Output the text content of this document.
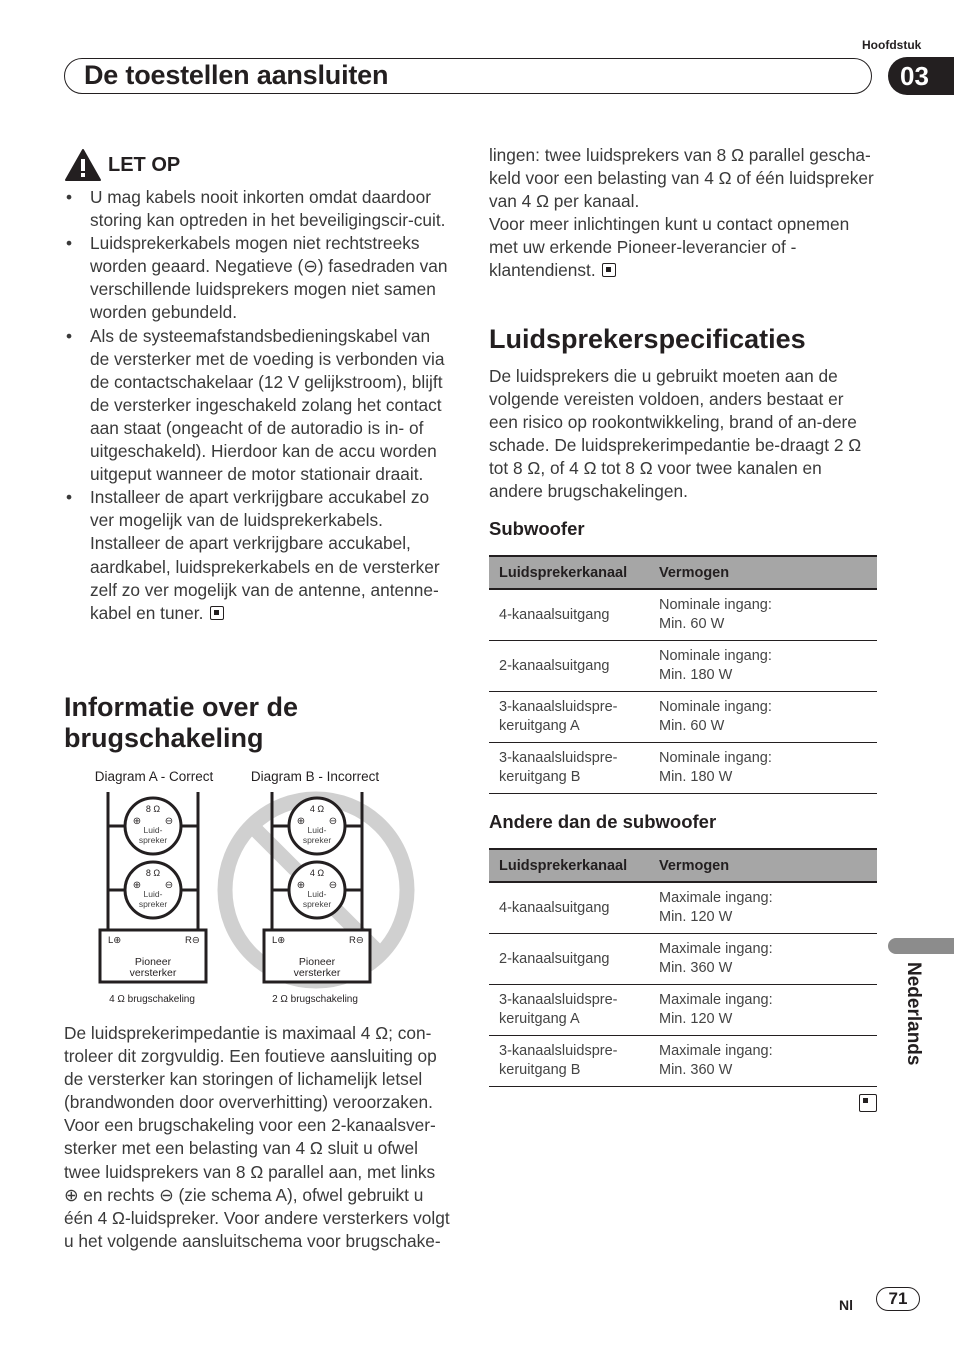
Hoofdstuk
De toestellen aansluiten	03
Nederlands
LET OP
• U mag kabels nooit inkorten omdat daardoor storing kan optreden in het beveiligingscir-cuit.
• Luidsprekerkabels mogen niet rechtstreeks worden geaard. Negatieve (⊖) fasedraden van verschillende luidsprekers mogen niet samen worden gebundeld.
• Als de systeemafstandsbedieningskabel van de versterker met de voeding is verbonden via de contactschakelaar (12 V gelijkstroom), blijft de versterker ingeschakeld zolang het contact aan staat (ongeacht of de autoradio is in- of uitgeschakeld). Hierdoor kan de accu worden uitgeput wanneer de motor stationair draait.
• Installeer de apart verkrijgbare accukabel zo ver mogelijk van de luidsprekerkabels. Installeer de apart verkrijgbare accukabel, aardkabel, luidsprekerkabels en de versterker zelf zo ver mogelijk van de antenne, antenne-kabel en tuner.
Informatie over de brugschakeling
Diagram A - Correct	Diagram B - Incorrect
8 Ω
⊕ ⊖
Luid-
spreker
8 Ω
⊕ ⊖
Luid-
spreker
L⊕	R⊖
Pioneer
versterker
4 Ω brugschakeling
4 Ω
⊕ ⊖
Luid-
spreker
4 Ω
⊕ ⊖
Luid-
spreker
L⊕	R⊖
Pioneer
versterker
2 Ω brugschakeling

De luidsprekerimpedantie is maximaal 4 Ω; con-troleer dit zorgvuldig. Een foutieve aansluiting op de versterker kan storingen of lichamelijk letsel (brandwonden door oververhitting) veroorzaken. Voor een brugschakeling voor een 2-kanaalsver-sterker met een belasting van 4 Ω sluit u ofwel twee luidsprekers van 8 Ω parallel aan, met links ⊕ en rechts ⊖ (zie schema A), ofwel gebruikt u één 4 Ω-luidspreker. Voor andere versterkers volgt u het volgende aansluitschema voor brugschake-

lingen: twee luidsprekers van 8 Ω parallel gescha-keld voor een belasting van 4 Ω of één luidspreker van 4 Ω per kanaal.

Voor meer inlichtingen kunt u contact opnemen met uw erkende Pioneer-leverancier of -klantendienst.

Luidsprekerspecificaties

De luidsprekers die u gebruikt moeten aan de volgende vereisten voldoen, anders bestaat er een risico op rookontwikkeling, brand of an-dere schade. De luidsprekerimpedantie be-draagt 2 Ω tot 8 Ω, of 4 Ω tot 8 Ω voor twee kanalen en andere brugschakelingen.

Subwoofer
Luidsprekerkanaal	Vermogen
4-kanaalsuitgang	Nominale ingang:
Min. 60 W
2-kanaalsuitgang	Nominale ingang:
Min. 180 W
3-kanaalsluidspre-keruitgang A	Nominale ingang:
Min. 60 W
3-kanaalsluidspre-keruitgang B	Nominale ingang:
Min. 180 W
Andere dan de subwoofer
Luidsprekerkanaal	Vermogen
4-kanaalsuitgang	Maximale ingang:
Min. 120 W
2-kanaalsuitgang	Maximale ingang:
Min. 360 W
3-kanaalsluidspre-keruitgang A	Maximale ingang:
Min. 120 W
3-kanaalsluidspre-keruitgang B	Maximale ingang:
Min. 360 W
Nl	71
